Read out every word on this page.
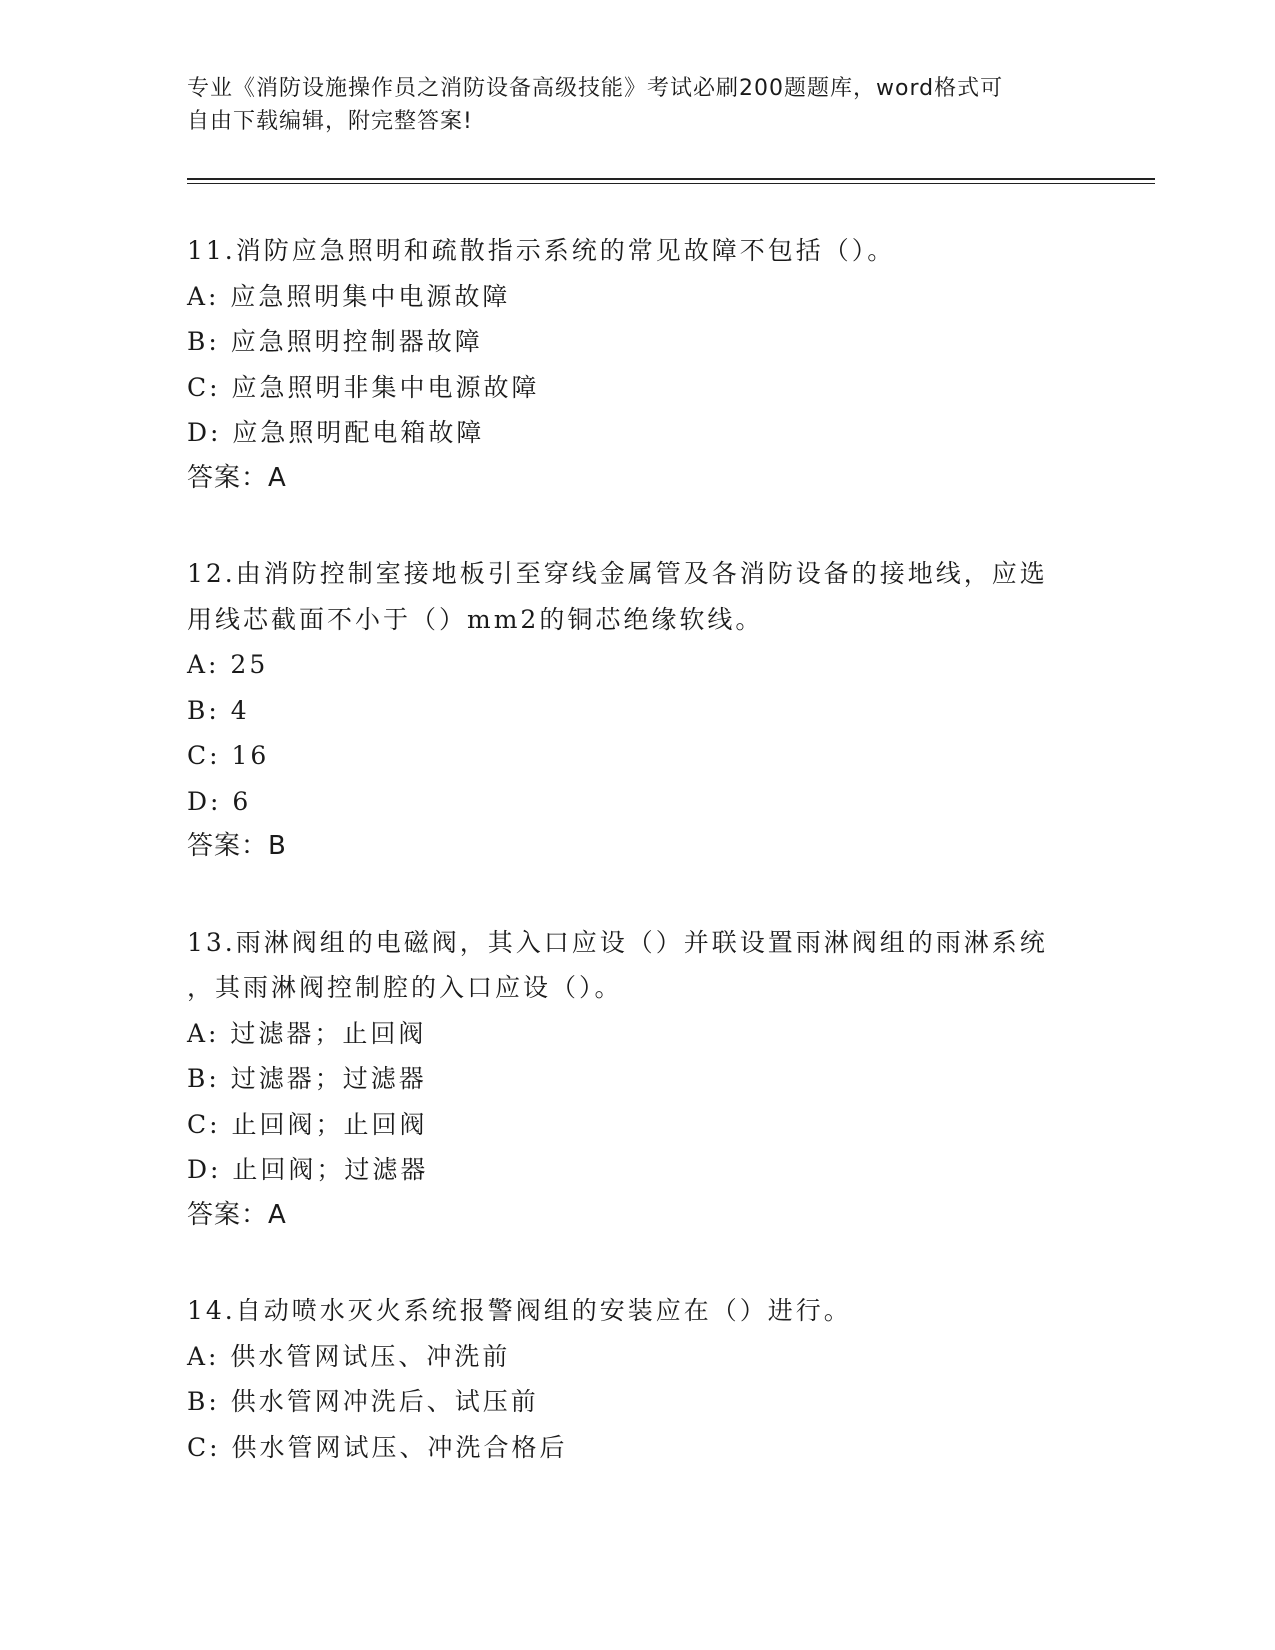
专业《消防设施操作员之消防设备高级技能》考试必刷200题题库，word格式可

自由下载编辑，附完整答案!

11.消防应急照明和疏散指示系统的常见故障不包括（）。

A: 应急照明集中电源故障

B: 应急照明控制器故障

C: 应急照明非集中电源故障

D: 应急照明配电箱故障

答案：A

12.由消防控制室接地板引至穿线金属管及各消防设备的接地线，应选

用线芯截面不小于（）mm2的铜芯绝缘软线。

A: 25

B: 4

C: 16

D: 6

答案：B

13.雨淋阀组的电磁阀，其入口应设（）并联设置雨淋阀组的雨淋系统

，其雨淋阀控制腔的入口应设（）。

A: 过滤器；止回阀

B: 过滤器；过滤器

C: 止回阀；止回阀

D: 止回阀；过滤器

答案：A

14.自动喷水灭火系统报警阀组的安装应在（）进行。

A: 供水管网试压、冲洗前

B: 供水管网冲洗后、试压前

C: 供水管网试压、冲洗合格后
